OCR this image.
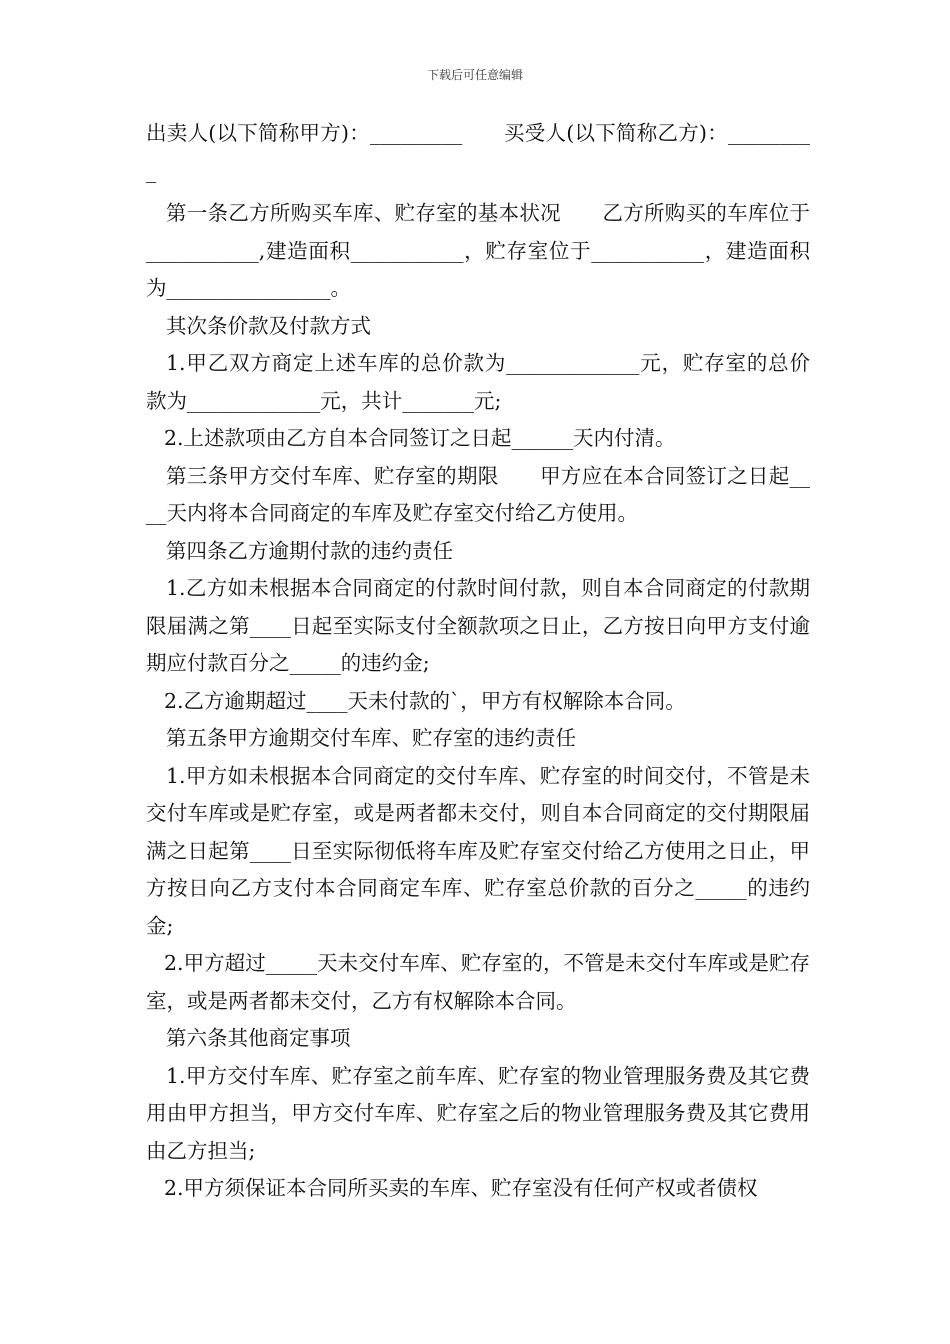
下载后可任意编辑

出卖人(以下简称甲方)：_________　　买受人(以下简称乙方)：_________

第一条乙方所购买车库、贮存室的基本状况　　乙方所购买的车库位于___________,建造面积___________，贮存室位于___________，建造面积为________________。

其次条价款及付款方式

1.甲乙双方商定上述车库的总价款为_____________元，贮存室的总价款为_____________元，共计_______元;

2.上述款项由乙方自本合同签订之日起______天内付清。

第三条甲方交付车库、贮存室的期限　　甲方应在本合同签订之日起____天内将本合同商定的车库及贮存室交付给乙方使用。

第四条乙方逾期付款的违约责任

1.乙方如未根据本合同商定的付款时间付款，则自本合同商定的付款期限届满之第____日起至实际支付全额款项之日止，乙方按日向甲方支付逾期应付款百分之_____的违约金;

2.乙方逾期超过____天未付款的`，甲方有权解除本合同。

第五条甲方逾期交付车库、贮存室的违约责任

1.甲方如未根据本合同商定的交付车库、贮存室的时间交付，不管是未交付车库或是贮存室，或是两者都未交付，则自本合同商定的交付期限届满之日起第____日至实际彻低将车库及贮存室交付给乙方使用之日止，甲方按日向乙方支付本合同商定车库、贮存室总价款的百分之_____的违约金;

2.甲方超过_____天未交付车库、贮存室的，不管是未交付车库或是贮存室，或是两者都未交付，乙方有权解除本合同。

第六条其他商定事项

1.甲方交付车库、贮存室之前车库、贮存室的物业管理服务费及其它费用由甲方担当，甲方交付车库、贮存室之后的物业管理服务费及其它费用由乙方担当;

2.甲方须保证本合同所买卖的车库、贮存室没有任何产权或者债权
